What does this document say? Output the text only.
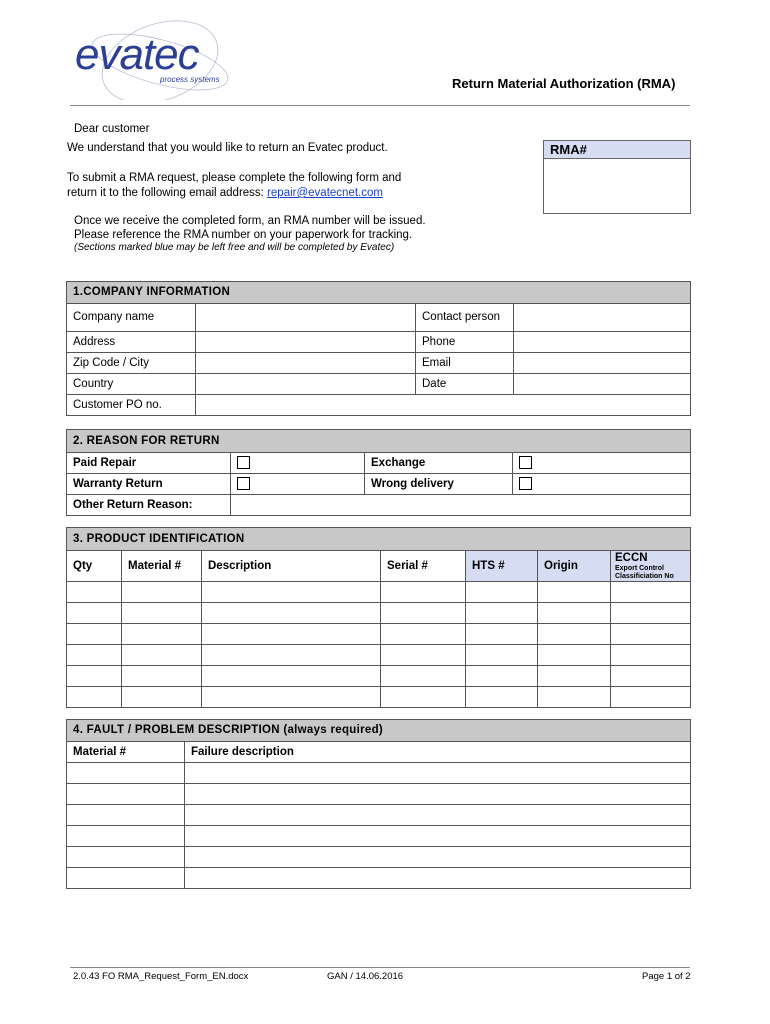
evatec
process systems	Return Material Authorization (RMA)
Dear customer
We understand that you would like to return an Evatec product.
To submit a RMA request, please complete the following form and
return it to the following email address: repair@evatecnet.com
Once we receive the completed form, an RMA number will be issued.
Please reference the RMA number on your paperwork for tracking.
(Sections marked blue may be left free and will be completed by Evatec)
RMA#
1.COMPANY INFORMATION			
Company name		Contact person	
Address		Phone	
Zip Code / City		Email	
Country		Date	
Customer PO no.			
2. REASON FOR RETURN			
Paid Repair		Exchange	
Warranty Return		Wrong delivery	
Other Return Reason:			
3. PRODUCT IDENTIFICATION						
Qty	Material #	Description	Serial #	HTS #	Origin	ECCN
Export Control Classificiation No

4. FAULT / PROBLEM DESCRIPTION (always required)	
Material #	Failure description

2.0.43 FO RMA_Request_Form_EN.docx	GAN / 14.06.2016	Page 1 of 2
